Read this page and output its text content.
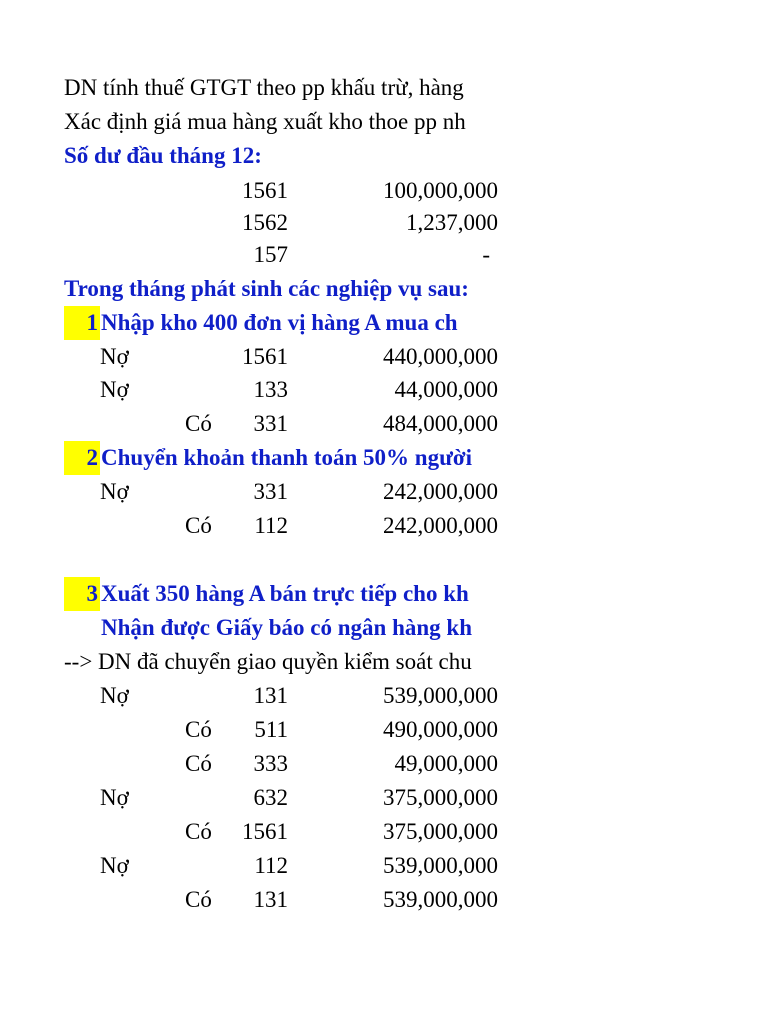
DN tính thuế GTGT theo pp khấu trừ, hàng
Xác định giá mua hàng xuất kho thoe pp nh
Số dư đầu tháng 12:
1561	100,000,000
1562	1,237,000
157	-
Trong tháng phát sinh các nghiệp vụ sau:
1 Nhập kho 400 đơn vị hàng A mua ch
Nợ	1561	440,000,000
Nợ	133	44,000,000
Có	331	484,000,000
2 Chuyển khoản thanh toán 50% người
Nợ	331	242,000,000
Có	112	242,000,000
3 Xuất 350 hàng A bán trực tiếp cho kh
Nhận được Giấy báo có ngân hàng kh
--> DN đã chuyển giao quyền kiểm soát chu
Nợ	131	539,000,000
Có	511	490,000,000
Có	333	49,000,000
Nợ	632	375,000,000
Có	1561	375,000,000
Nợ	112	539,000,000
Có	131	539,000,000
